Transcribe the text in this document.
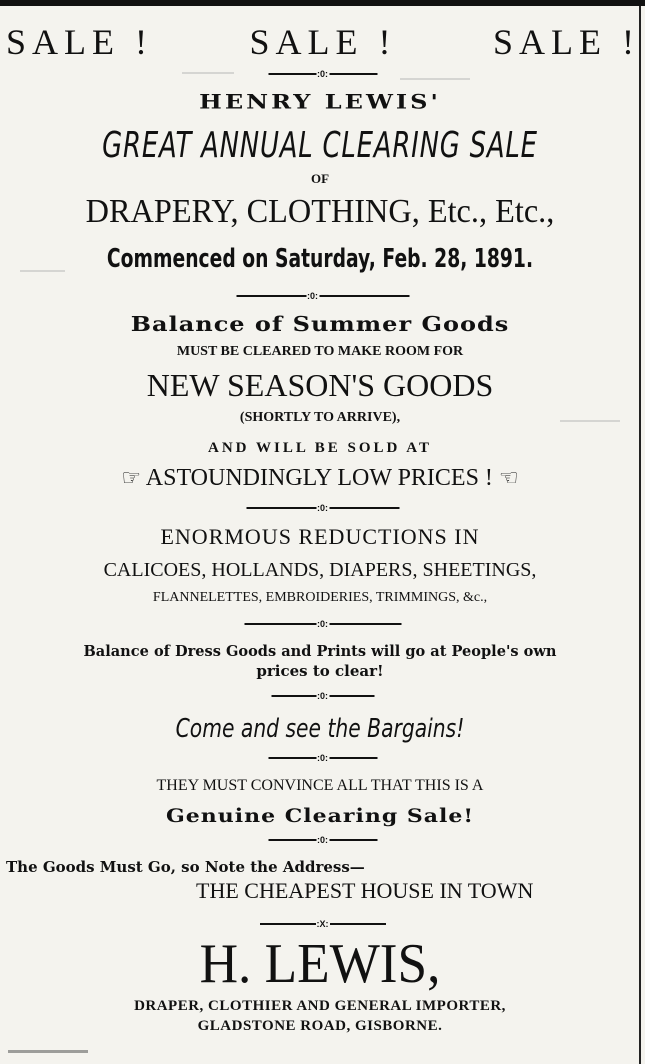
SALE !	SALE !	SALE !
:0:
HENRY LEWIS'
GREAT ANNUAL CLEARING SALE
OF
DRAPERY, CLOTHING, Etc., Etc.,
Commenced on Saturday, Feb. 28, 1891.
:0:
Balance of Summer Goods
MUST BE CLEARED TO MAKE ROOM FOR
NEW SEASON'S GOODS
(SHORTLY TO ARRIVE),
AND WILL BE SOLD AT
☞ ASTOUNDINGLY LOW PRICES ! ☜
:0:
ENORMOUS REDUCTIONS IN
CALICOES, HOLLANDS, DIAPERS, SHEETINGS,
FLANNELETTES, EMBROIDERIES, TRIMMINGS, &c.,
:0:
Balance of Dress Goods and Prints will go at People's own
prices to clear!
:0:
Come and see the Bargains!
:0:
THEY MUST CONVINCE ALL THAT THIS IS A
Genuine Clearing Sale!
:0:
The Goods Must Go, so Note the Address—
THE CHEAPEST HOUSE IN TOWN
:X:
H. LEWIS,
DRAPER, CLOTHIER AND GENERAL IMPORTER,
GLADSTONE ROAD, GISBORNE.
